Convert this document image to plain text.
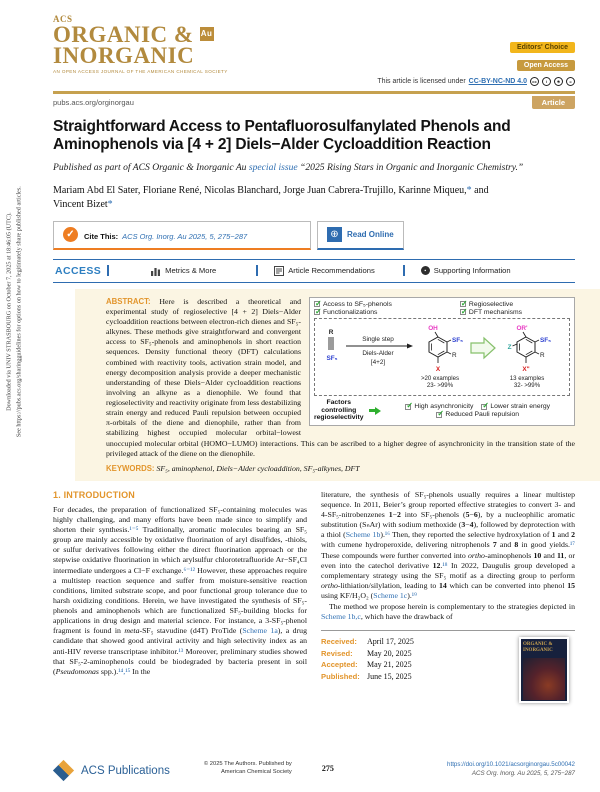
Downloaded via UNIV STRASBOURG on October 7, 2025 at 18:46:05 (UTC). See https://pubs.acs.org/sharingguidelines for options on how to legitimately share published articles.
ACS
ORGANIC & Au
INORGANIC
AN OPEN ACCESS JOURNAL OF THE AMERICAN CHEMICAL SOCIETY
Editors' Choice
Open Access
This article is licensed under CC-BY-NC-ND 4.0	cc	i	$	=
pubs.acs.org/orginorgau	Article
Straightforward Access to Pentafluorosulfanylated Phenols and Aminophenols via [4 + 2] Diels−Alder Cycloaddition Reaction
Published as part of ACS Organic & Inorganic Au special issue “2025 Rising Stars in Organic and Inorganic Chemistry.”
Mariam Abd El Sater, Floriane René, Nicolas Blanchard, Jorge Juan Cabrera-Trujillo, Karinne Miqueu,* and Vincent Bizet*
✓	Cite This: ACS Org. Inorg. Au 2025, 5, 275−287	⊕	Read Online
ACCESS	Metrics & More	Article Recommendations	▪	Supporting Information
✓
Access to SF₅-phenols ✓	Regioselective
✓
Functionalizations ✓	DFT mechanisms
R
SF₅
Single step
Diels-Alder
[4+2]
OH
SF₅
R
X
>20 examples
23- >99%
OR'
SF₅
R
Z
X"
13 examples
32- >99%
Factors
controlling
regioselectivity
✓
High asynchronicity ✓	Lower strain energy
✓
Reduced Pauli repulsion

ABSTRACT: Here is described a theoretical and experimental study of regioselective [4 + 2] Diels−Alder cycloaddition reactions between electron-rich dienes and SF₅-alkynes. These methods give straightforward and convergent access to SF₅-phenols and aminophenols in short reaction sequences. Density functional theory (DFT) calculations combined with reactivity tools, activation strain model, and energy decomposition analysis provide a deeper mechanistic understanding of these Diels−Alder cycloaddition reactions involving an alkyne as a dienophile. We found that regioselectivity and reactivity originate from less destabilizing strain energy and reduced Pauli repulsion between occupied π-orbitals of the diene and dienophile, rather than from stabilizing highest occupied molecular orbital−lowest unoccupied molecular orbital (HOMO−LUMO) interactions. This can be ascribed to a higher degree of asynchronicity in the transition state of the privileged attack of the diene on the dienophile.

KEYWORDS: SF₅, aminophenol, Diels−Alder cycloaddition, SF₅-alkynes, DFT

1. INTRODUCTION

For decades, the preparation of functionalized SF₅-containing molecules was highly challenging, and many efforts have been made since to simplify and shorten their synthesis.¹⁻⁵ Traditionally, aromatic molecules bearing an SF₅ group are mainly accessible by oxidative fluorination of aryl disulfides, -thiols, or sulfur derivatives following either the direct fluorination approach or the stepwise oxidative fluorination in which arylsulfur chlorotetrafluoride Ar−SF₄Cl intermediate undergoes a Cl−F exchange.⁶⁻¹² However, these approaches require a multistep reaction sequence and suffer from moisture-sensitive reaction conditions, limited substrate scope, and poor functional group tolerance due to harsh oxidizing conditions. Herein, we have investigated the synthesis of SF₅-phenols and aminophenols which are functionalized SF₅-building blocks for applications in drug design and material science. For instance, a 3-SF₅-phenol fragment is found in meta-SF₅ stavudine (d4T) ProTide (Scheme 1a), a drug candidate that showed good antiviral activity and high selectivity index as an anti-HIV reverse transcriptase inhibitor.¹³ Moreover, preliminary studies showed that SF₅-2-aminophenols could be biodegraded by bacteria present in soil (Pseudomonas spp.).¹⁴,¹⁵ In the

literature, the synthesis of SF₅-phenols usually requires a linear multistep sequence. In 2011, Beier’s group reported effective strategies to convert 3- and 4-SF₅-nitrobenzenes 1−2 into SF₅-phenols (5−6), by a nucleophilic aromatic substitution (SₙAr) with sodium methoxide (3−4), followed by deprotection with a thiol (Scheme 1b).¹⁶ Then, they reported the selective hydroxylation of 1 and 2 with cumene hydroperoxide, delivering nitrophenols 7 and 8 in good yields.¹⁷ These compounds were further converted into ortho-aminophenols 10 and 11, or even into the catechol derivative 12.¹⁸ In 2022, Daugulis group developed a complementary strategy using the SF₅ motif as a directing group to perform ortho-lithiation/silylation, leading to 14 which can be converted into phenol 15 using KF/H₂O₂ (Scheme 1c).¹⁹

The method we propose herein is complementary to the strategies depicted in Scheme 1b,c, which have the drawback of

Received:	April 17, 2025
Revised:	May 20, 2025
Accepted:	May 21, 2025
Published: June 15, 2025
ORGANIC &
INORGANIC
ACS Publications
© 2025 The Authors. Published by
American Chemical Society	275	https://doi.org/10.1021/acsorginorgau.5c00042
ACS Org. Inorg. Au 2025, 5, 275−287
